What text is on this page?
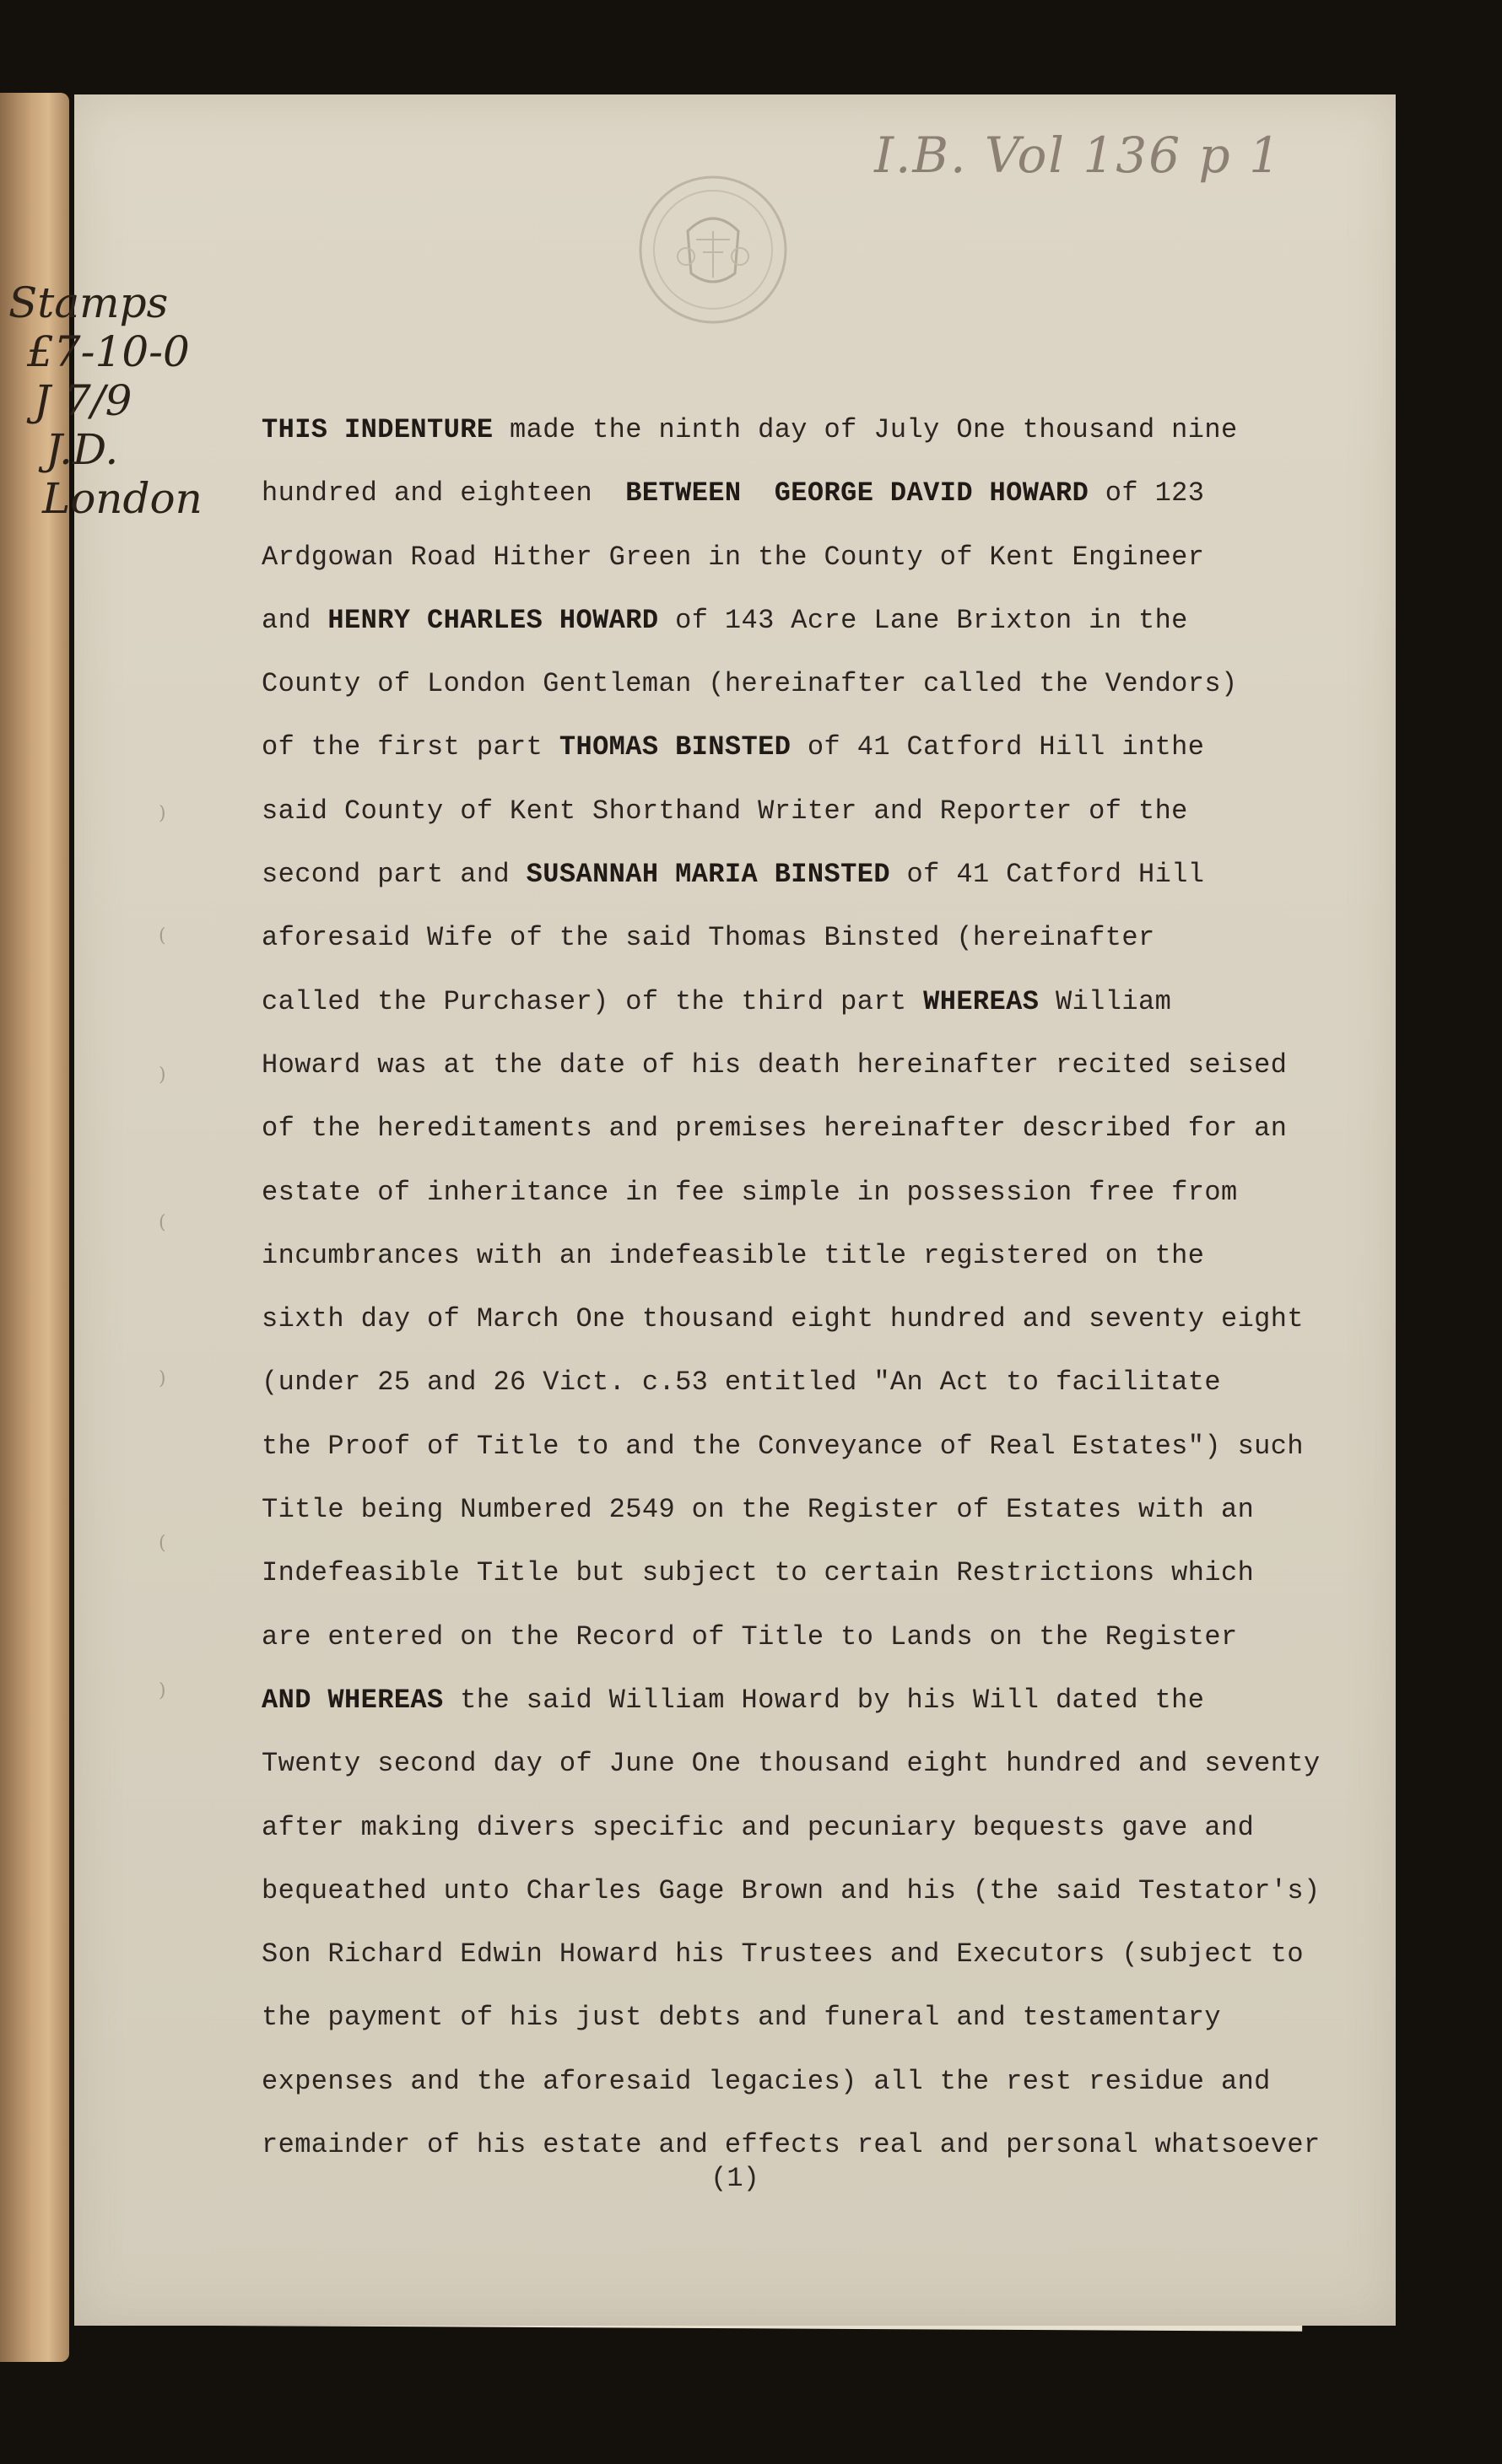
I.B. Vol 136 p 1
)
(
)
(
)
(
)
THIS INDENTURE made the ninth day of July One thousand nine
hundred and eighteen  BETWEEN  GEORGE DAVID HOWARD of 123
Ardgowan Road Hither Green in the County of Kent Engineer
and HENRY CHARLES HOWARD of 143 Acre Lane Brixton in the
County of London Gentleman (hereinafter called the Vendors)
of the first part THOMAS BINSTED of 41 Catford Hill inthe
said County of Kent Shorthand Writer and Reporter of the
second part and SUSANNAH MARIA BINSTED of 41 Catford Hill
aforesaid Wife of the said Thomas Binsted (hereinafter
called the Purchaser) of the third part WHEREAS William
Howard was at the date of his death hereinafter recited seised
of the hereditaments and premises hereinafter described for an
estate of inheritance in fee simple in possession free from
incumbrances with an indefeasible title registered on the
sixth day of March One thousand eight hundred and seventy eight
(under 25 and 26 Vict. c.53 entitled "An Act to facilitate
the Proof of Title to and the Conveyance of Real Estates") such
Title being Numbered 2549 on the Register of Estates with an
Indefeasible Title but subject to certain Restrictions which
are entered on the Record of Title to Lands on the Register
AND WHEREAS the said William Howard by his Will dated the
Twenty second day of June One thousand eight hundred and seventy
after making divers specific and pecuniary bequests gave and
bequeathed unto Charles Gage Brown and his (the said Testator's)
Son Richard Edwin Howard his Trustees and Executors (subject to
the payment of his just debts and funeral and testamentary
expenses and the aforesaid legacies) all the rest residue and
remainder of his estate and effects real and personal whatsoever
(1)
Stamps
£7-10-0
J 7/9
J.D.
London
